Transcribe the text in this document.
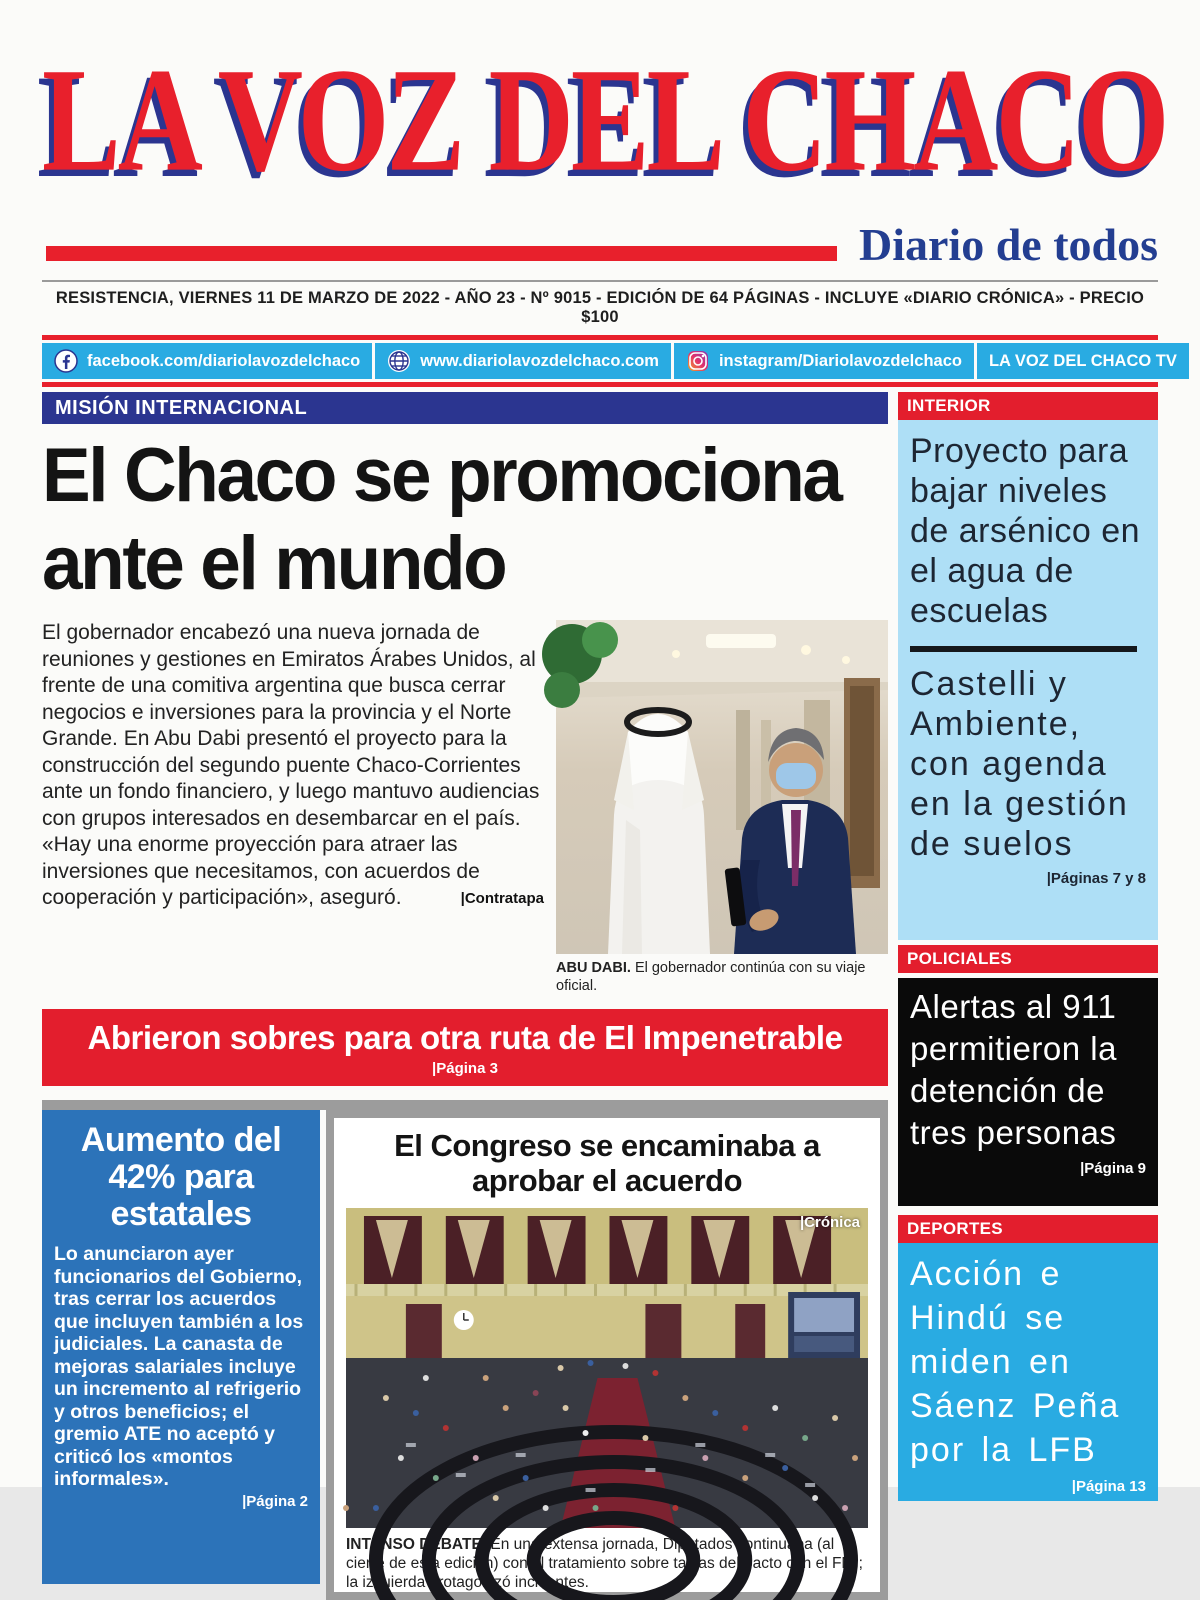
LA VOZ DEL CHACO
Diario de todos
RESISTENCIA, VIERNES 11 DE MARZO DE 2022 - AÑO 23 - Nº 9015 - EDICIÓN DE 64 PÁGINAS - INCLUYE «DIARIO CRÓNICA» - PRECIO $100
facebook.com/diariolavozdelchaco	www.diariolavozdelchaco.com	instagram/Diariolavozdelchaco LA VOZ DEL CHACO TV
MISIÓN INTERNACIONAL
El Chaco se promociona ante el mundo

El gobernador encabezó una nueva jornada de reuniones y gestiones en Emiratos Árabes Unidos, al frente de una comitiva argentina que busca cerrar negocios e inversiones para la provincia y el Norte Grande. En Abu Dabi presentó el proyecto para la construcción del segundo puente Chaco-Corrientes ante un fondo financiero, y luego mantuvo audiencias con grupos interesados en desembarcar en el país. «Hay una enorme proyección para atraer las inversiones que necesitamos, con acuerdos de cooperación y participación», aseguró.	|Contratapa
ABU DABI. El gobernador continúa con su viaje oficial.
Abrieron sobres para otra ruta de El Impenetrable
|Página 3
Aumento del 42% para estatales
Lo anunciaron ayer funcionarios del Gobierno, tras cerrar los acuerdos que incluyen también a los judiciales. La canasta de mejoras salariales incluye un incremento al refrigerio y otros beneficios; el gremio ATE no aceptó y criticó los «montos informales».
|Página 2
El Congreso se encaminaba a aprobar el acuerdo
|Crónica
INTENSO DEBATE. En una extensa jornada, Diputados continuaba (al cierre de esta edición) con el tratamiento sobre tablas del pacto con el FMI; la izquierda protagonizó incidentes.
INTERIOR
Proyecto para bajar niveles de arsénico en el agua de escuelas
Castelli y Ambiente, con agenda en la gestión de suelos
|Páginas 7 y 8
POLICIALES
Alertas al 911 permitieron la detención de tres personas
|Página 9
DEPORTES
Acción e Hindú se miden en Sáenz Peña por la LFB
|Página 13
